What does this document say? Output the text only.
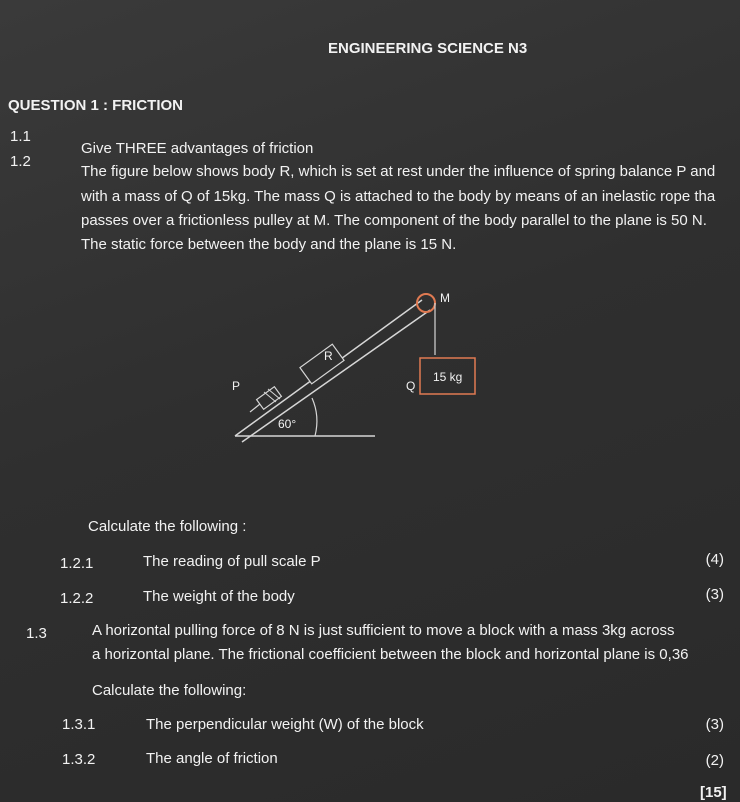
ENGINEERING SCIENCE N3
QUESTION 1 : FRICTION
1.1
Give THREE advantages of friction
1.2
The figure below shows body R, which is set at rest under the influence of spring balance P and
with a mass of Q of 15kg. The mass Q is attached to the body by means of an inelastic rope tha
passes over a frictionless pulley at M. The component of the body parallel to the plane is 50 N.
The static force between the body and the plane is 15 N.
60°
P
R
M
15 kg
Q
Calculate the following :
1.2.1	The reading of pull scale P	(4)
1.2.2	The weight of the body	(3)
1.3	A horizontal pulling force of 8 N is just sufficient to move a block with a mass 3kg across
a horizontal plane. The frictional coefficient between the block and horizontal plane is 0,36
Calculate the following:
1.3.1	The perpendicular weight (W) of the block	(3)
1.3.2	The angle of friction	(2)
[15]
